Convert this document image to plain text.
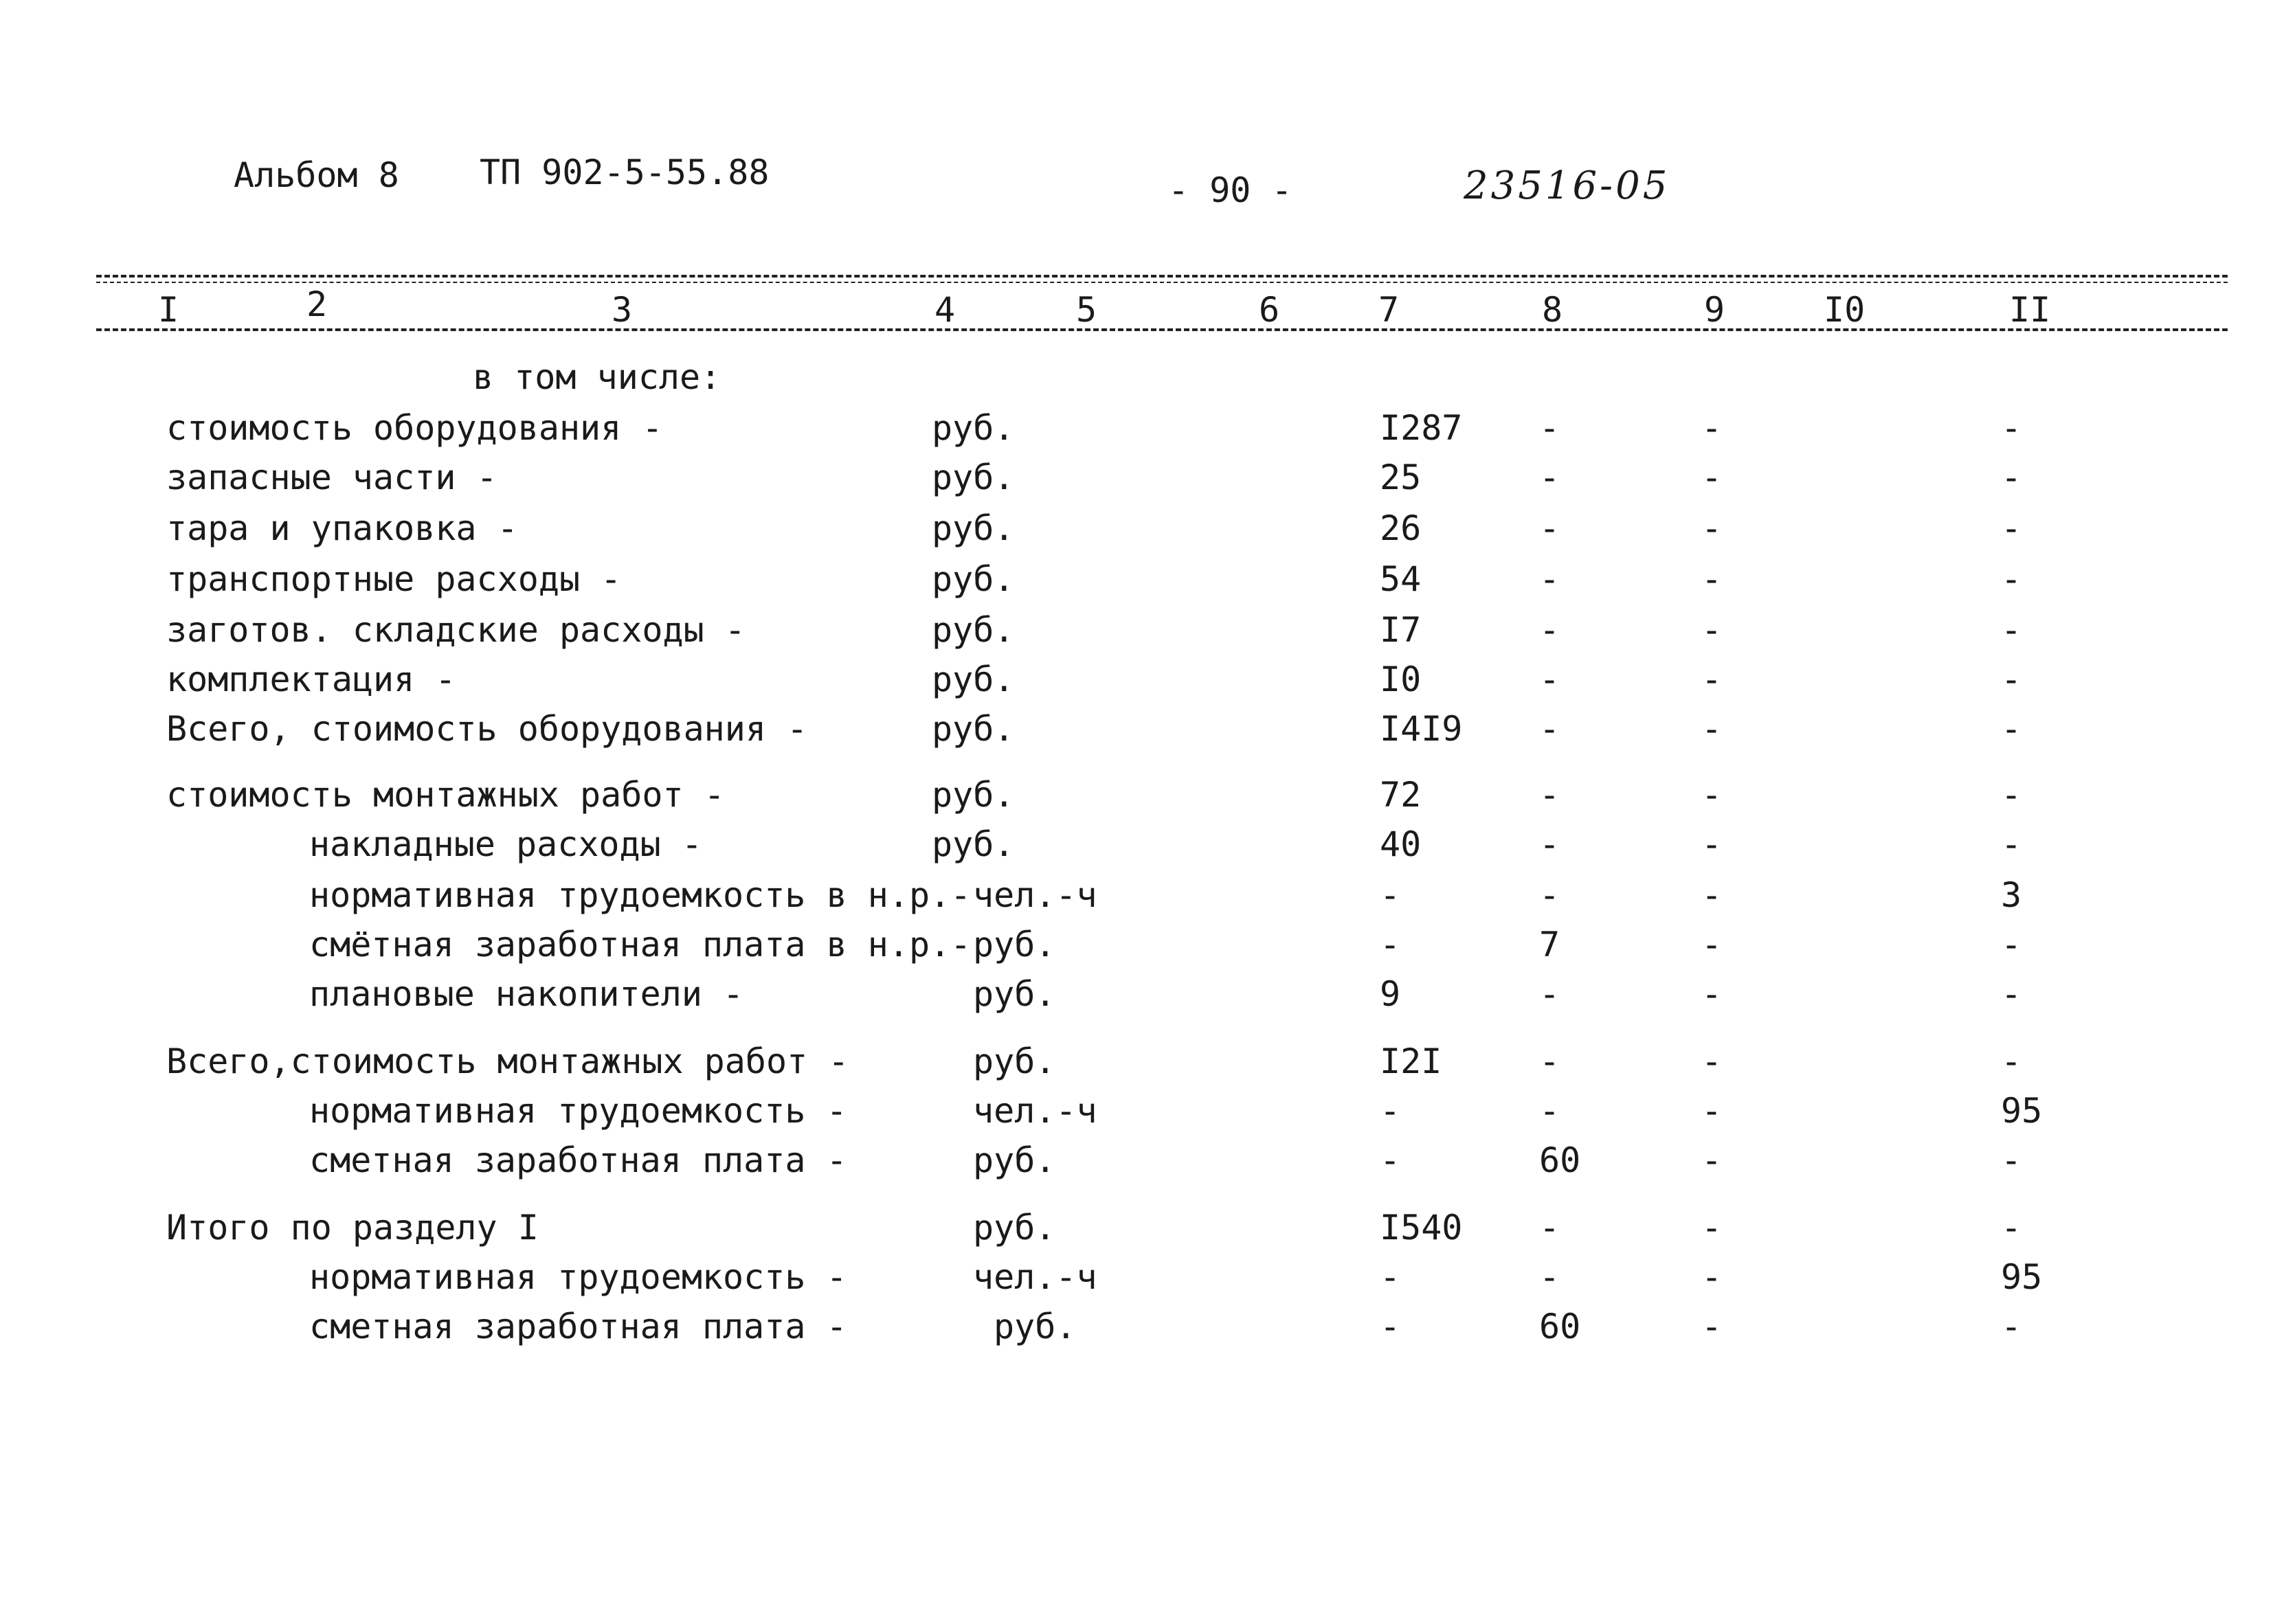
Альбом 8 ТП 902-5-55.88	- 90 -	23516-05
I	2	3	4	5	6	7	8	9	I0	II
в том числе:
стоимость оборудования -	руб.	I287 -	-	-
запасные части -	руб.	25	-	-	-
тара и упаковка -	руб.	26	-	-	-
транспортные расходы -	руб.	54	-	-	-
заготов. складские расходы -	руб.	I7	-	-	-
комплектация -	руб.	I0	-	-	-
Всего, стоимость оборудования -	руб.	I4I9 -	-	-
стоимость монтажных работ -	руб.	72	-	-	-
накладные расходы -	руб.	40	-	-	-
нормативная трудоемкость в н.р.- чел.-ч	-	-	-	3
смётная заработная плата в н.р.- руб.	-	7	-	-
плановые накопители -	руб.	9	-	-	-
Всего,стоимость монтажных работ -	руб.	I2I	-	-	-
нормативная трудоемкость -	чел.-ч	-	-	-	95
сметная заработная плата -	руб.	-	60	-	-
Итого по разделу I	руб.	I540 -	-	-
нормативная трудоемкость -	чел.-ч	-	-	-	95
сметная заработная плата -	руб.	-	60	-	-
